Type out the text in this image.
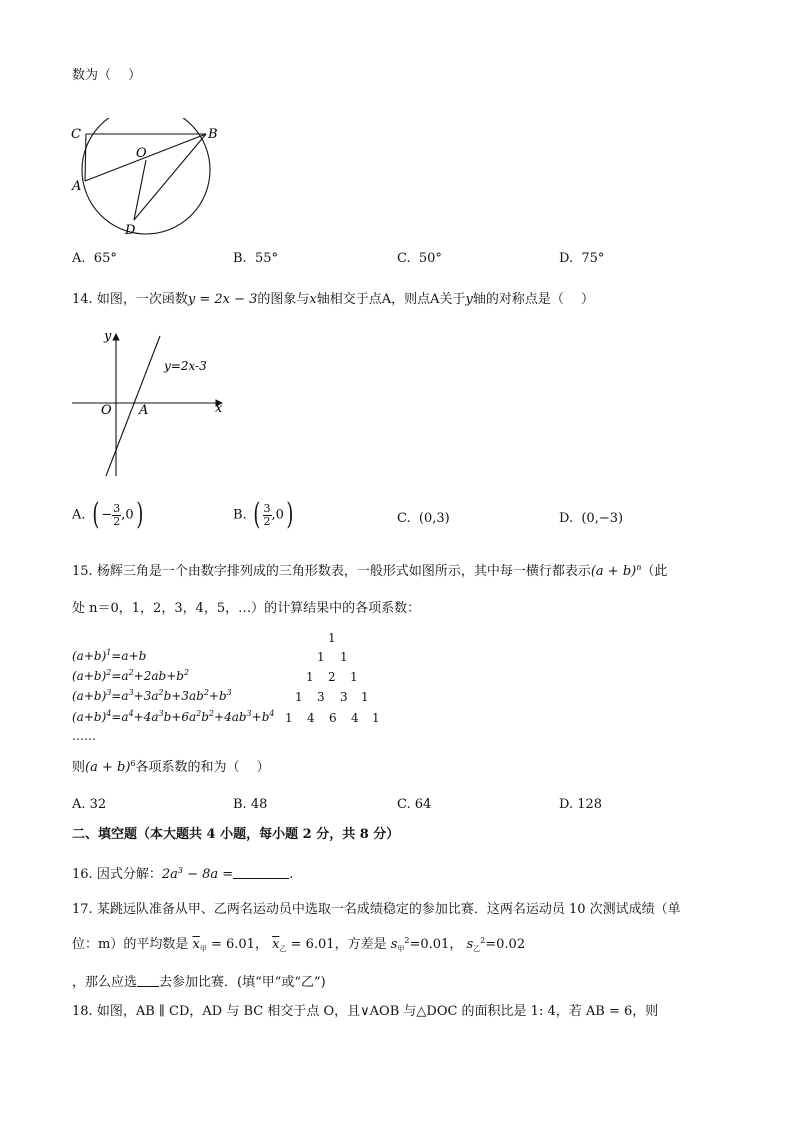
数为（　 ）
C	B
O
A
D
A. 65°	B. 55°	C. 50°	D. 75°
14. 如图，一次函数y = 2x − 3的图象与x轴相交于点A，则点A关于y轴的对称点是（　 ）
y
x
O A
y=2x-3
A. ( − $\frac{3}{2} ,0$)	B. ( $\frac{3}{2} ,0$)	C. (0,3)	D. (0,−3)
15. 杨辉三角是一个由数字排列成的三角形数表，一般形式如图所示，其中每一横行都表示$(a + b)^n$（此
处 n＝0，1，2，3，4，5，…）的计算结果中的各项系数：
$(a+b)^1=a+b$
$(a+b)^2=a^2+2ab+b^2$
$(a+b)^3=a^3+3a^2b+3ab^2+b^3$
$(a+b)^4=a^4+4a^3b+6a^2b^2+4ab^3+b^4$
……
1
1 1
1 2 1
1 3 3 1
1 4 6 4 1
则$(a + b)^6$各项系数的和为（　 ）
A. 32	B. 48	C. 64	D. 128
二、填空题（本大题共 4 小题，每小题 2 分，共 8 分）
16. 因式分解：$2a^3 - 8a$ =	.
17. 某跳远队准备从甲、乙两名运动员中选取一名成绩稳定的参加比赛．这两名运动员 10 次测试成绩（单
位：m）的平均数是 $\overline{x}_甲 = 6.01$， $\overline{x}_乙 = 6.01$，方差是 $s_甲^2=0.01$， $s_乙^2=0.02$
，那么应选 去参加比赛．(填“甲”或“乙”)
18. 如图，AB ∥ CD，AD 与 BC 相交于点 O，且∨AOB 与△DOC 的面积比是 1: 4，若 AB = 6，则
